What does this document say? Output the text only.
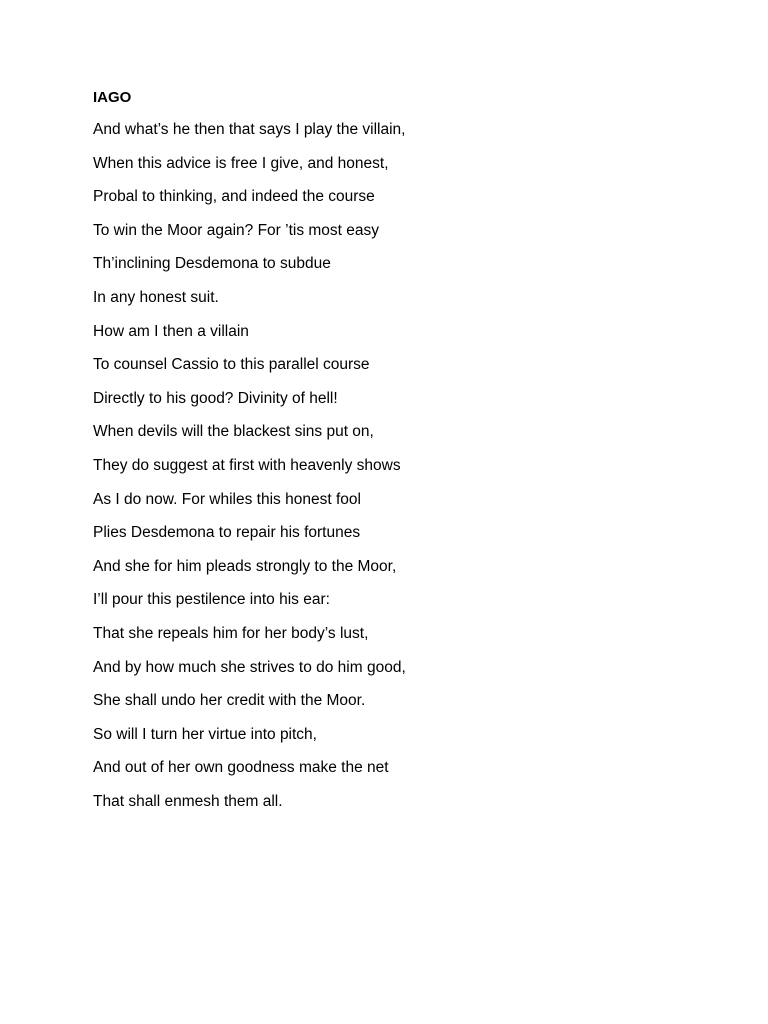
IAGO

And what’s he then that says I play the villain,
When this advice is free I give, and honest,
Probal to thinking, and indeed the course
To win the Moor again? For ’tis most easy
Th’inclining Desdemona to subdue
In any honest suit.
How am I then a villain
To counsel Cassio to this parallel course
Directly to his good? Divinity of hell!
When devils will the blackest sins put on,
They do suggest at first with heavenly shows
As I do now. For whiles this honest fool
Plies Desdemona to repair his fortunes
And she for him pleads strongly to the Moor,
I’ll pour this pestilence into his ear:
That she repeals him for her body’s lust,
And by how much she strives to do him good,
She shall undo her credit with the Moor.
So will I turn her virtue into pitch,
And out of her own goodness make the net
That shall enmesh them all.
